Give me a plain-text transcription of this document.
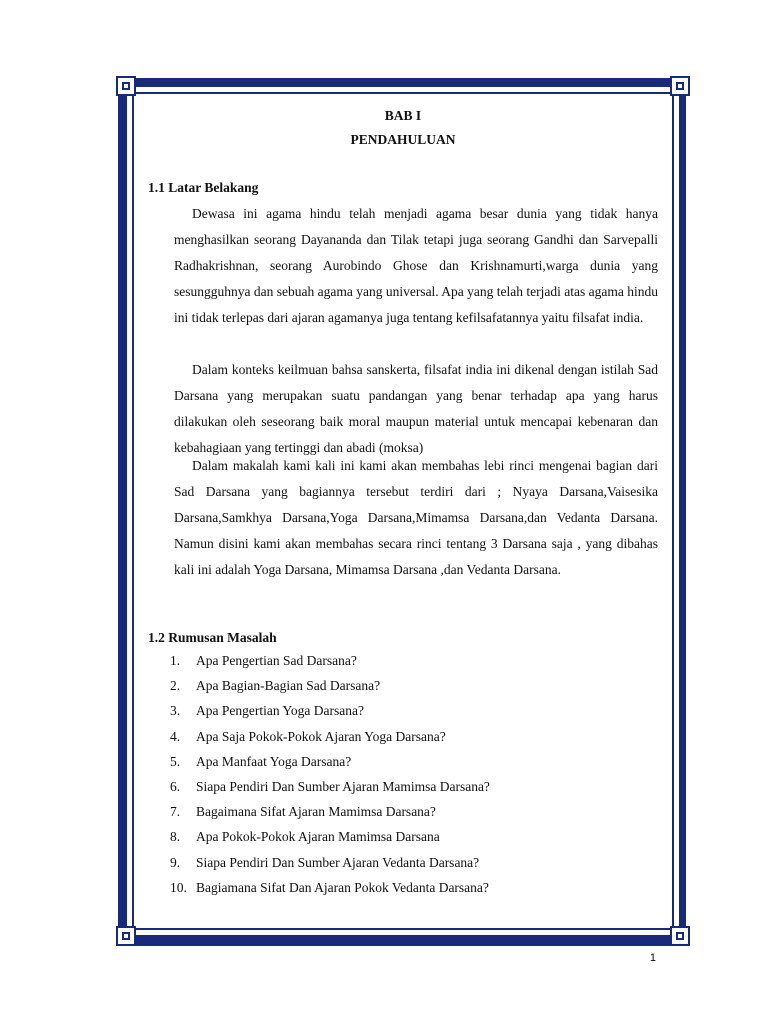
BAB I
PENDAHULUAN
1.1 Latar Belakang
Dewasa ini agama hindu telah menjadi agama besar dunia yang tidak hanya menghasilkan seorang Dayananda dan Tilak tetapi juga seorang Gandhi dan Sarvepalli Radhakrishnan, seorang Aurobindo Ghose dan Krishnamurti,warga dunia yang sesungguhnya dan sebuah agama yang universal. Apa yang telah terjadi atas agama hindu ini tidak terlepas dari ajaran agamanya juga tentang kefilsafatannya yaitu filsafat india.
Dalam konteks keilmuan bahsa sanskerta, filsafat india ini dikenal dengan istilah Sad Darsana yang merupakan suatu pandangan yang benar terhadap apa yang harus dilakukan oleh seseorang baik moral maupun material untuk mencapai kebenaran dan kebahagiaan yang tertinggi dan abadi (moksa)
Dalam makalah kami kali ini kami akan membahas lebi rinci mengenai bagian dari Sad Darsana yang bagiannya tersebut terdiri dari ; Nyaya Darsana,Vaisesika Darsana,Samkhya Darsana,Yoga Darsana,Mimamsa Darsana,dan Vedanta Darsana. Namun disini kami akan membahas secara rinci tentang 3 Darsana saja , yang dibahas kali ini adalah Yoga Darsana, Mimamsa Darsana ,dan Vedanta Darsana.
1.2 Rumusan Masalah
1. Apa Pengertian Sad Darsana?
2. Apa Bagian-Bagian Sad Darsana?
3. Apa Pengertian Yoga Darsana?
4. Apa Saja Pokok-Pokok Ajaran Yoga Darsana?
5. Apa Manfaat Yoga Darsana?
6. Siapa Pendiri Dan Sumber Ajaran Mamimsa Darsana?
7. Bagaimana Sifat Ajaran Mamimsa Darsana?
8. Apa Pokok-Pokok Ajaran Mamimsa Darsana
9. Siapa Pendiri Dan Sumber Ajaran Vedanta Darsana?
10. Bagiamana Sifat Dan Ajaran Pokok Vedanta Darsana?
1
